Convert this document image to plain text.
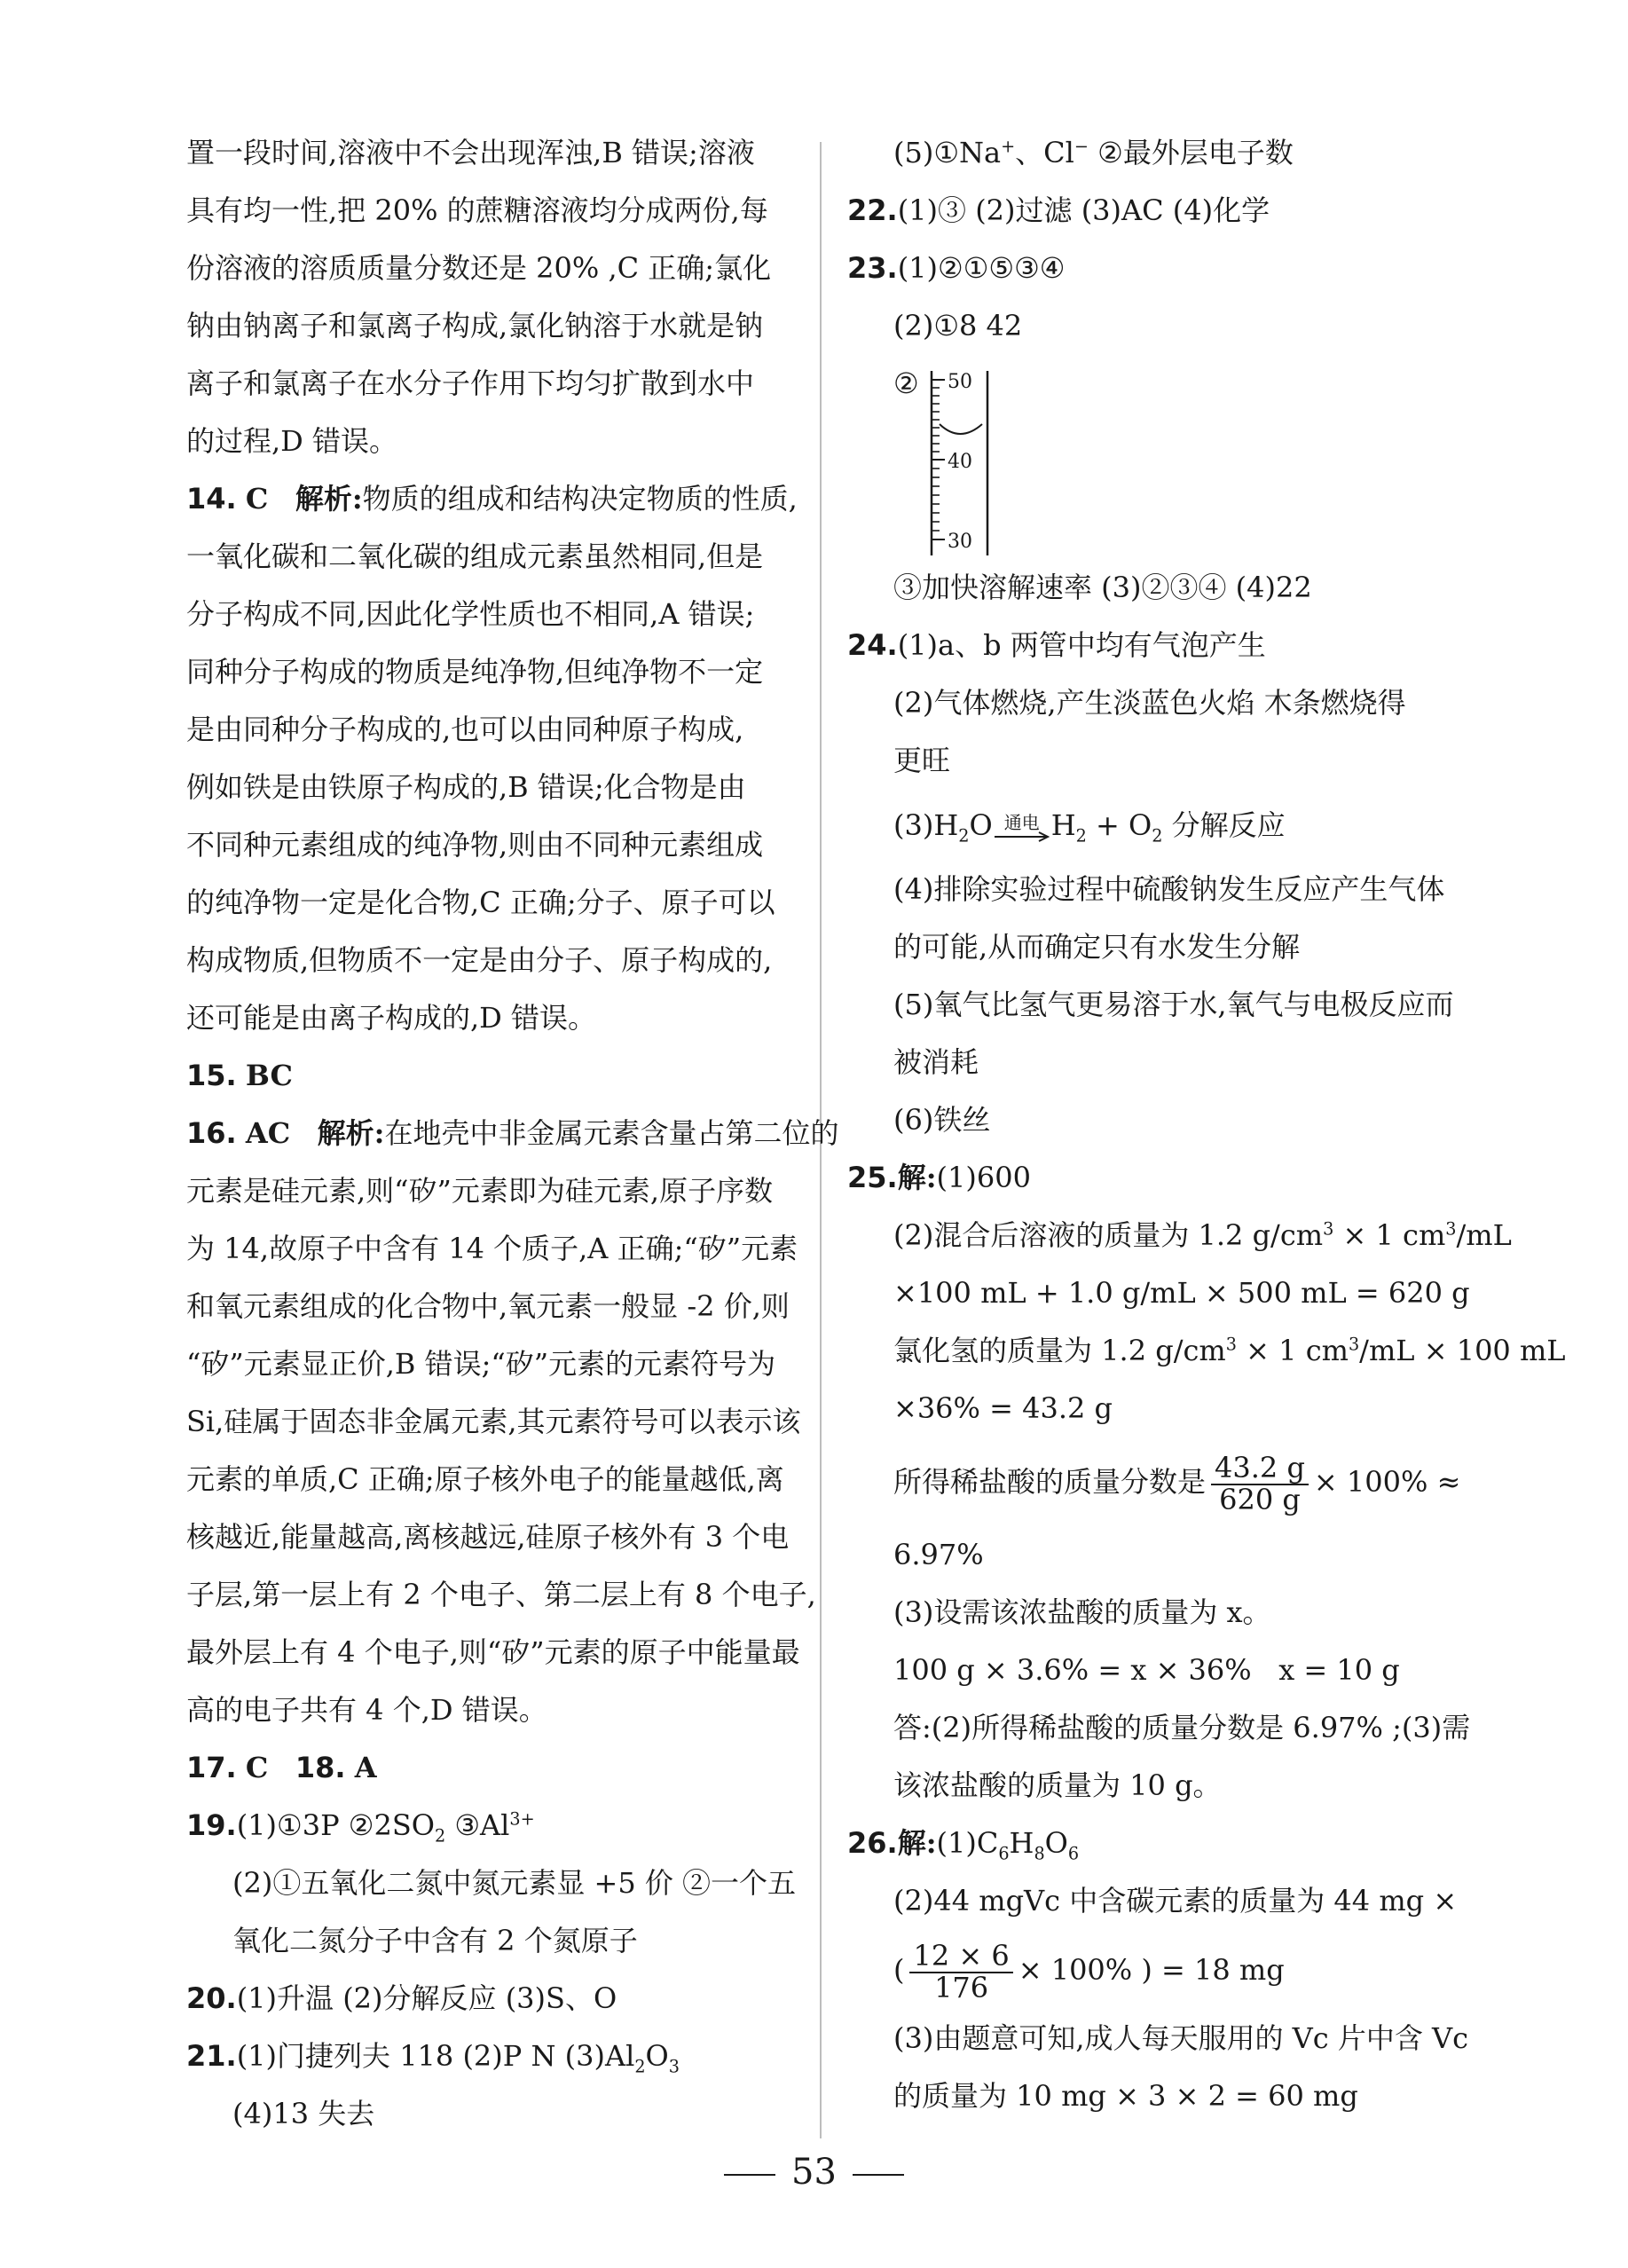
置一段时间,溶液中不会出现浑浊,B 错误;溶液
具有均一性,把 20% 的蔗糖溶液均分成两份,每
份溶液的溶质质量分数还是 20% ,C 正确;氯化
钠由钠离子和氯离子构成,氯化钠溶于水就是钠
离子和氯离子在水分子作用下均匀扩散到水中
的过程,D 错误。
14. C 解析:物质的组成和结构决定物质的性质,
一氧化碳和二氧化碳的组成元素虽然相同,但是
分子构成不同,因此化学性质也不相同,A 错误;
同种分子构成的物质是纯净物,但纯净物不一定
是由同种分子构成的,也可以由同种原子构成,
例如铁是由铁原子构成的,B 错误;化合物是由
不同种元素组成的纯净物,则由不同种元素组成
的纯净物一定是化合物,C 正确;分子、原子可以
构成物质,但物质不一定是由分子、原子构成的,
还可能是由离子构成的,D 错误。
15. BC
16. AC 解析:在地壳中非金属元素含量占第二位的
元素是硅元素,则“矽”元素即为硅元素,原子序数
为 14,故原子中含有 14 个质子,A 正确;“矽”元素
和氧元素组成的化合物中,氧元素一般显 -2 价,则
“矽”元素显正价,B 错误;“矽”元素的元素符号为
Si,硅属于固态非金属元素,其元素符号可以表示该
元素的单质,C 正确;原子核外电子的能量越低,离
核越近,能量越高,离核越远,硅原子核外有 3 个电
子层,第一层上有 2 个电子、第二层上有 8 个电子,
最外层上有 4 个电子,则“矽”元素的原子中能量最
高的电子共有 4 个,D 错误。
17. C 18. A
19.(1)①3P $②2SO_2$ $③Al^{3+}$
(2)①五氧化二氮中氮元素显 +5 价 ②一个五
氧化二氮分子中含有 2 个氮原子
20.(1)升温 (2)分解反应 (3)S、O
21.(1)门捷列夫 118 (2)P N $(3)Al_2O_3$
(4)13 失去
(5)①Na+、Cl− ②最外层电子数
22.(1)③ (2)过滤 (3)AC (4)化学
23.(1)②①⑤③④
(2)①8 42
② 50
40
30
③加快溶解速率 (3)②③④ (4)22
24.(1)a、b 两管中均有气泡产生
(2)气体燃烧,产生淡蓝色火焰 木条燃烧得
更旺
$(3)H_2O$ 通电 $H_2 + O_2$ 分解反应
(4)排除实验过程中硫酸钠发生反应产生气体
的可能,从而确定只有水发生分解
(5)氧气比氢气更易溶于水,氧气与电极反应而
被消耗
(6)铁丝
25.解:(1)600
(2)混合后溶液的质量为 1.2 $g/cm^3 \times 1$ $cm^3/mL$
×100 mL + 1.0 g/mL × 500 mL = 620 g
氯化氢的质量为 1.2 $g/cm^3 \times 1$ $cm^3/mL \times 100$ mL
×36% = 43.2 g
所得稀盐酸的质量分数是 $\frac{43.2 g}{620 g} \times 100\%$ ≈
6.97%
(3)设需该浓盐酸的质量为 x。
100 g × 3.6% = x × 36%   x = 10 g
答:(2)所得稀盐酸的质量分数是 6.97% ;(3)需
该浓盐酸的质量为 10 g。
26.解$:(1)C_6H_8O_6$
(2)44 mgVc 中含碳元素的质量为 44 mg ×
( $\frac{12 \times 6}{176} \times 100\%$ ) = 18 mg
(3)由题意可知,成人每天服用的 Vc 片中含 Vc
的质量为 10 mg × 3 × 2 = 60 mg
53
